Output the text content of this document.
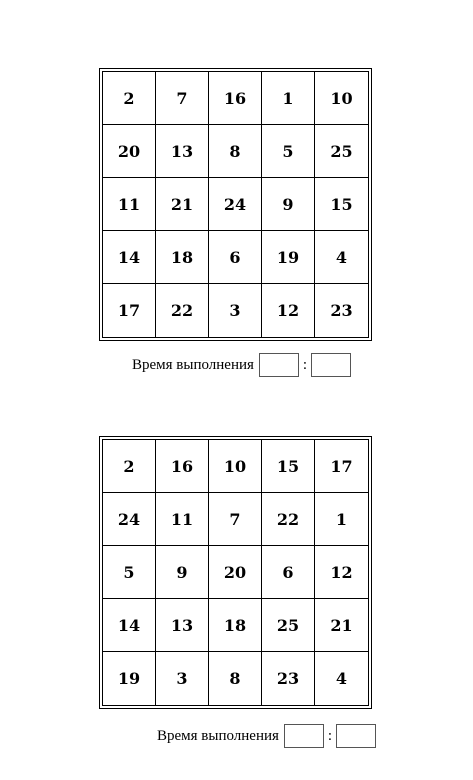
2	7	16	1	10
20	13	8	5	25
11	21	24	9	15
14	18	6	19	4
17	22	3	12	23
Время выполнения	:
2	16	10	15	17
24	11	7	22	1
5	9	20	6	12
14	13	18	25	21
19	3	8	23	4
Время выполнения	:
